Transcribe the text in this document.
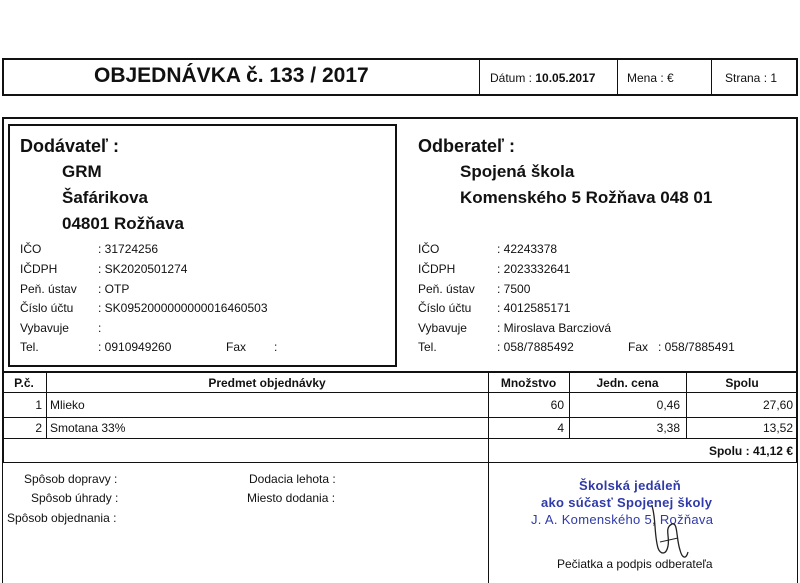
OBJEDNÁVKA č. 133 / 2017	Dátum : 10.05.2017	Mena : €	Strana : 1
Dodávateľ :
GRM
Šafárikova
04801 Rožňava
IČO	: 31724256
IČDPH	: SK2020501274
Peň. ústav : OTP
Číslo účtu : SK0952000000000016460503
Vybavuje :
Tel.	: 0910949260	Fax :
Odberateľ :
Spojená škola
Komenského 5 Rožňava 048 01
IČO	: 42243378
IČDPH	: 2023332641
Peň. ústav : 7500
Číslo účtu : 4012585171
Vybavuje	: Miroslava Barcziová
Tel.	: 058/7885492	Fax : 058/7885491
P.č.	Predmet objednávky	Množstvo	Jedn. cena	Spolu
1 Mlieko	60	0,46	27,60
2 Smotana 33%	4	3,38	13,52
Spolu : 41,12 €
Spôsob dopravy :
Spôsob úhrady :
Spôsob objednania :
Dodacia lehota :
Miesto dodania :
Školská jedáleň
ako súčasť Spojenej školy
J. A. Komenského 5, Rožňava
Pečiatka a podpis odberateľa
